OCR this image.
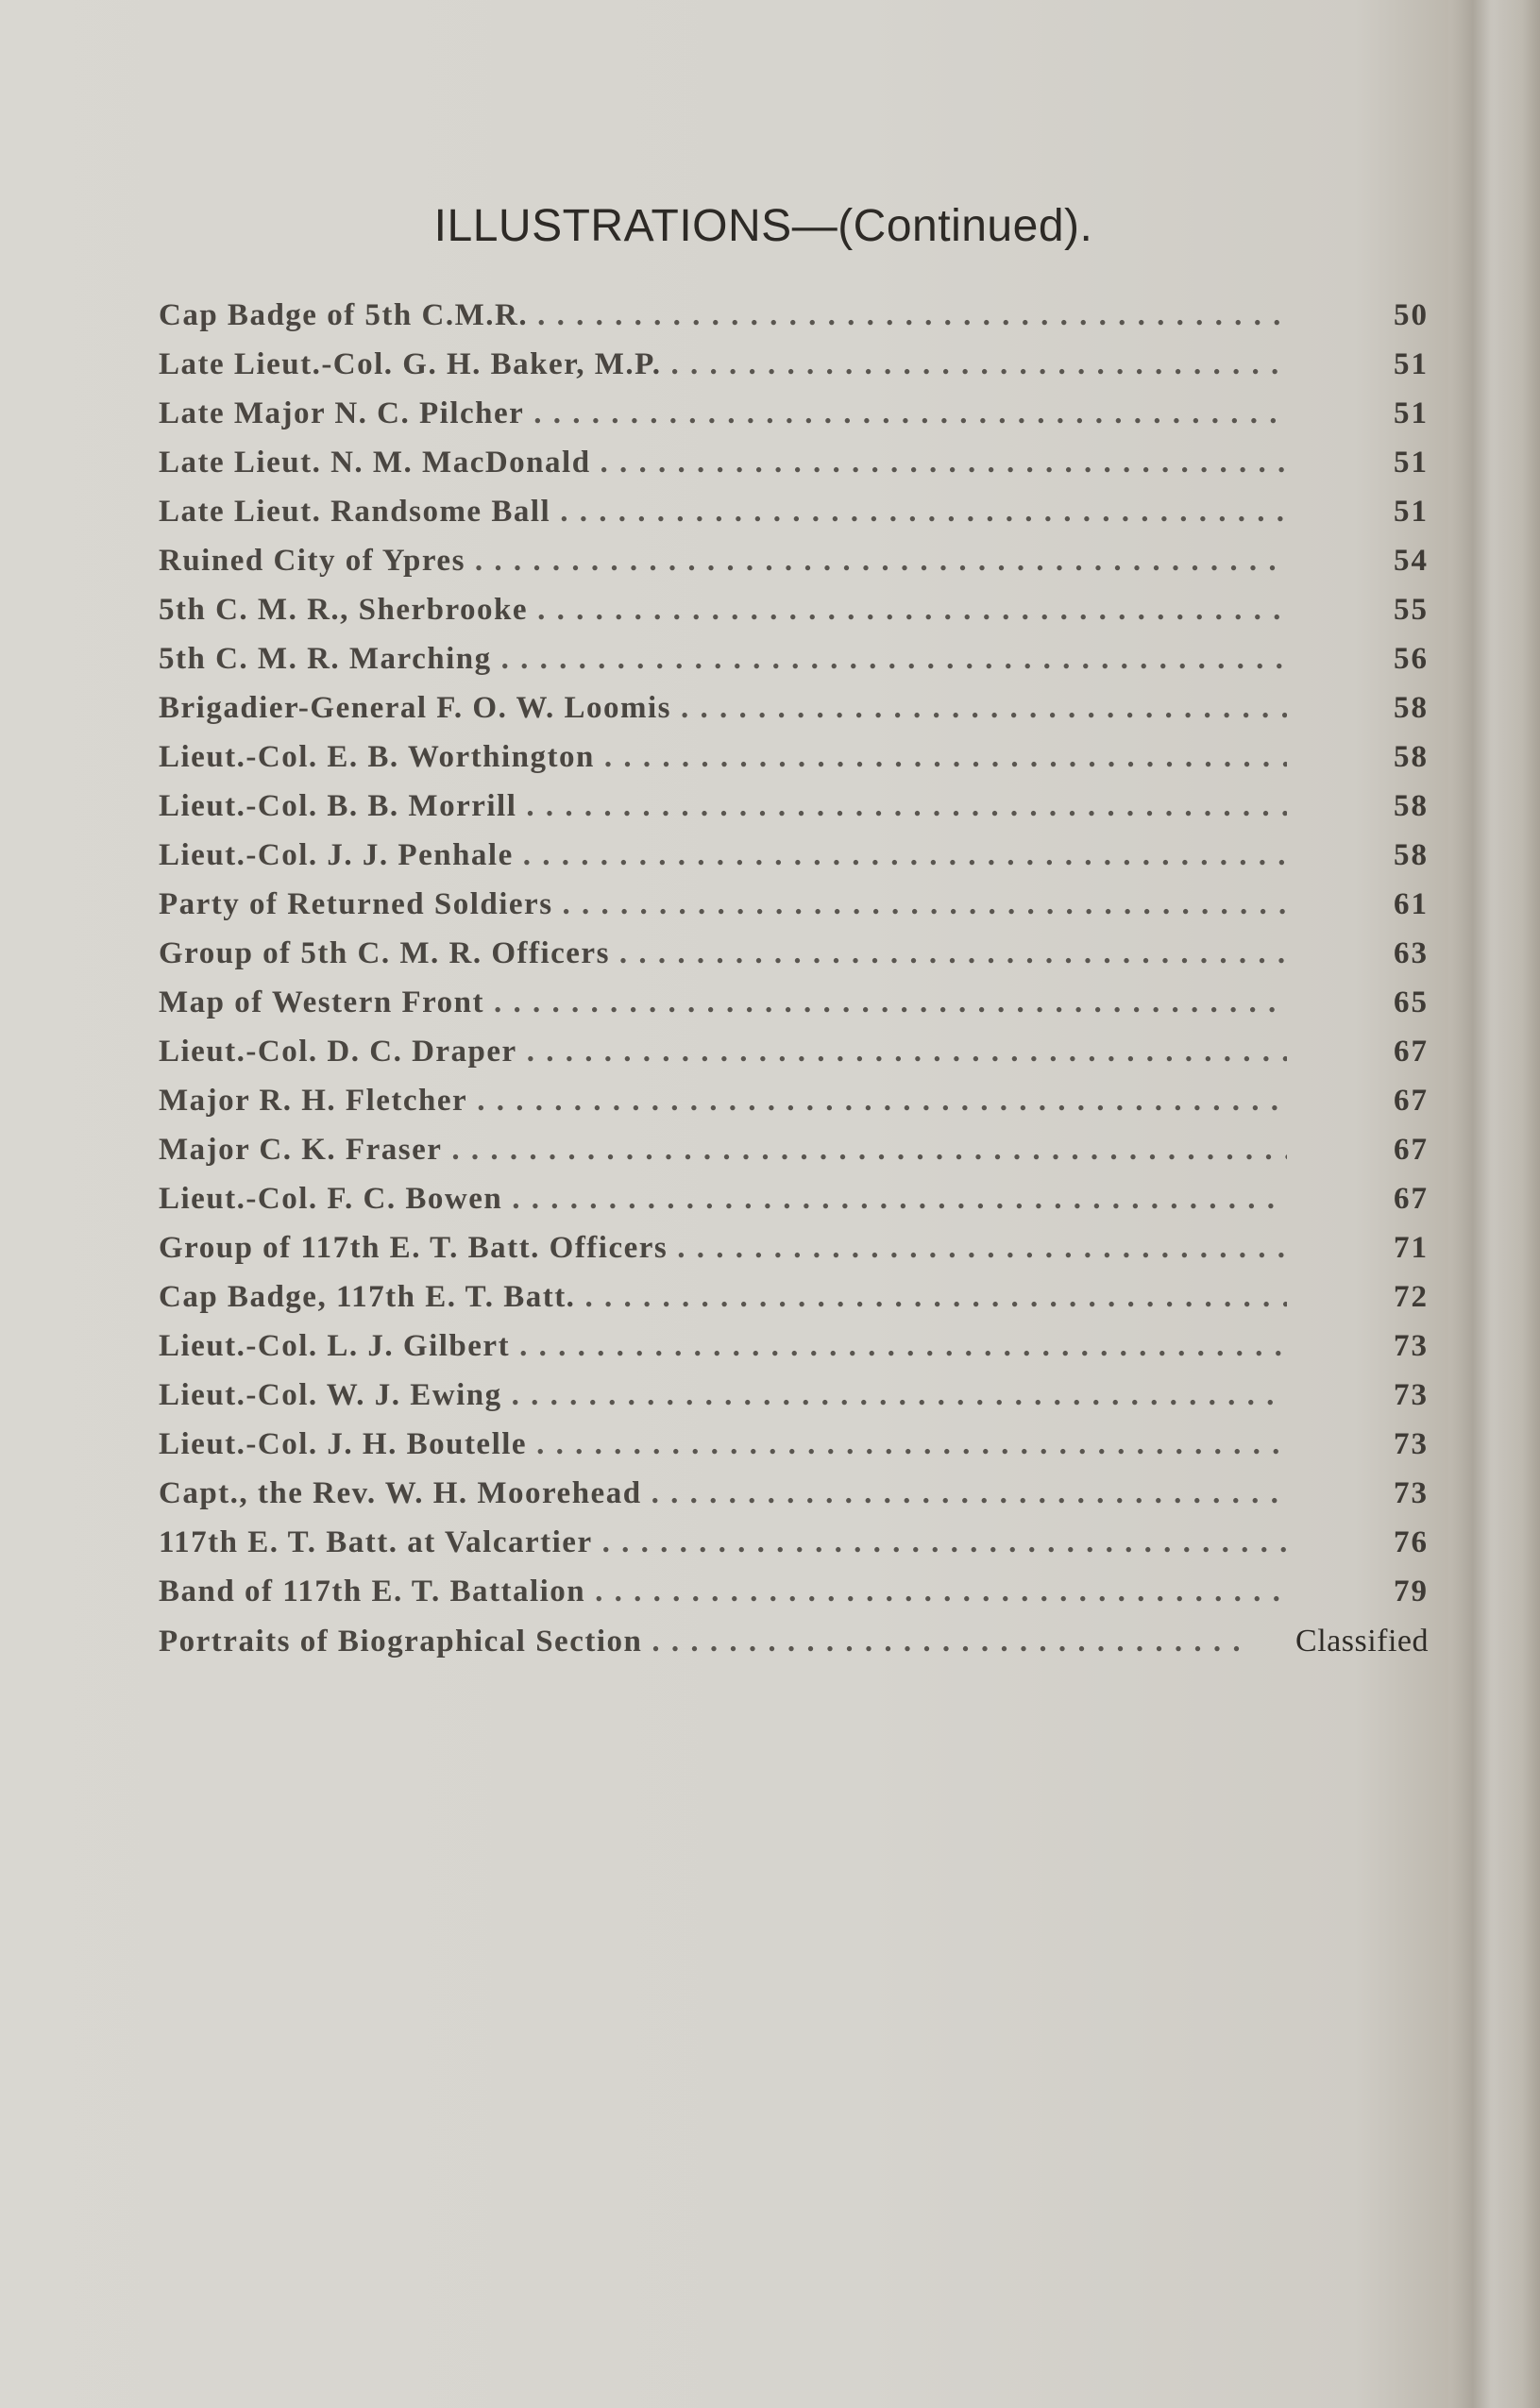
ILLUSTRATIONS—(Continued).
Cap Badge of 5th C.M.R. . . .	50
Late Lieut.-Col. G. H. Baker, M.P. . . .	51
Late Major N. C. Pilcher . . .	51
Late Lieut. N. M. MacDonald . . .	51
Late Lieut. Randsome Ball . . .	51
Ruined City of Ypres . . .	54
5th C. M. R., Sherbrooke . . .	55
5th C. M. R. Marching . . .	56
Brigadier-General F. O. W. Loomis . . .	58
Lieut.-Col. E. B. Worthington . . .	58
Lieut.-Col. B. B. Morrill . . .	58
Lieut.-Col. J. J. Penhale . . .	58
Party of Returned Soldiers . . .	61
Group of 5th C. M. R. Officers . . .	63
Map of Western Front . . .	65
Lieut.-Col. D. C. Draper . . .	67
Major R. H. Fletcher . . .	67
Major C. K. Fraser . . .	67
Lieut.-Col. F. C. Bowen . . .	67
Group of 117th E. T. Batt. Officers . . .	71
Cap Badge, 117th E. T. Batt. . . .	72
Lieut.-Col. L. J. Gilbert . . .	73
Lieut.-Col. W. J. Ewing . . .	73
Lieut.-Col. J. H. Boutelle . . .	73
Capt., the Rev. W. H. Moorehead . . .	73
117th E. T. Batt. at Valcartier . . .	76
Band of 117th E. T. Battalion . . .	79
Portraits of Biographical Section . . .	Classified
